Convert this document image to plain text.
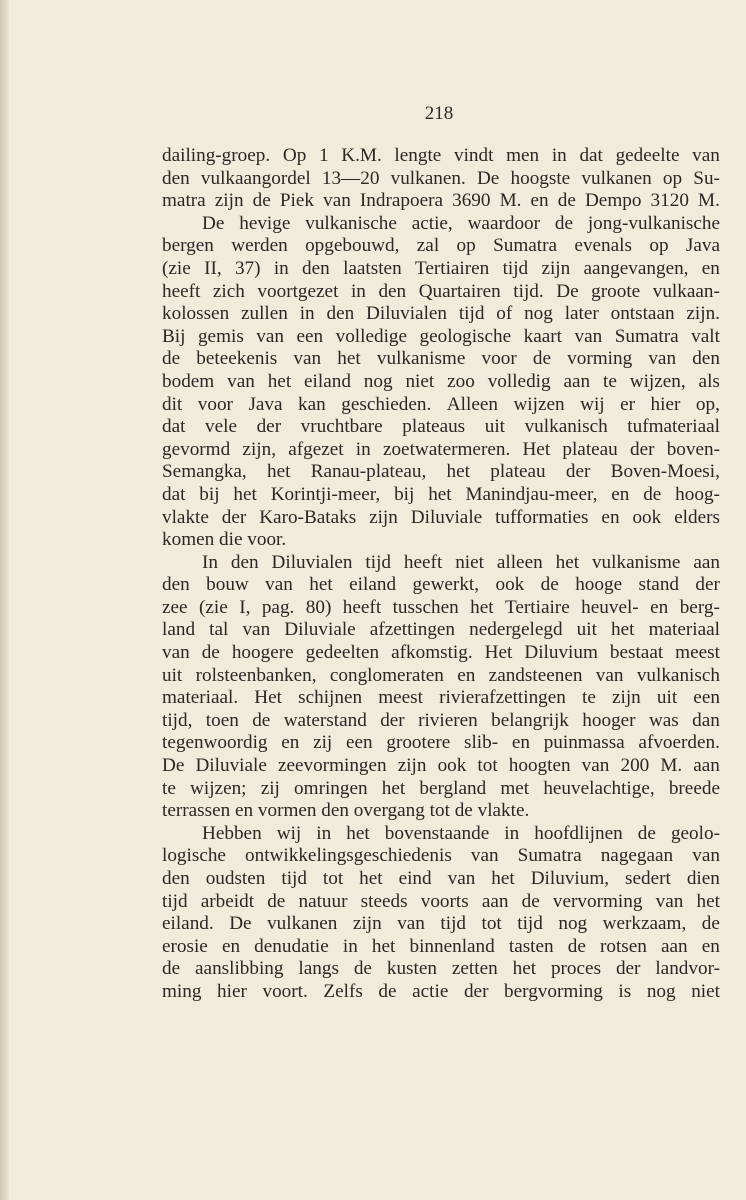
218
dailing-groep. Op 1 K.M. lengte vindt men in dat gedeelte van
den vulkaangordel 13—20 vulkanen. De hoogste vulkanen op Su-
matra zijn de Piek van Indrapoera 3690 M. en de Dempo 3120 M.
De hevige vulkanische actie, waardoor de jong-vulkanische
bergen werden opgebouwd, zal op Sumatra evenals op Java
(zie II, 37) in den laatsten Tertiairen tijd zijn aangevangen, en
heeft zich voortgezet in den Quartairen tijd. De groote vulkaan-
kolossen zullen in den Diluvialen tijd of nog later ontstaan zijn.
Bij gemis van een volledige geologische kaart van Sumatra valt
de beteekenis van het vulkanisme voor de vorming van den
bodem van het eiland nog niet zoo volledig aan te wijzen, als
dit voor Java kan geschieden. Alleen wijzen wij er hier op,
dat vele der vruchtbare plateaus uit vulkanisch tufmateriaal
gevormd zijn, afgezet in zoetwatermeren. Het plateau der boven-
Semangka, het Ranau-plateau, het plateau der Boven-Moesi,
dat bij het Korintji-meer, bij het Manindjau-meer, en de hoog-
vlakte der Karo-Bataks zijn Diluviale tufformaties en ook elders
komen die voor.
In den Diluvialen tijd heeft niet alleen het vulkanisme aan
den bouw van het eiland gewerkt, ook de hooge stand der
zee (zie I, pag. 80) heeft tusschen het Tertiaire heuvel- en berg-
land tal van Diluviale afzettingen nedergelegd uit het materiaal
van de hoogere gedeelten afkomstig. Het Diluvium bestaat meest
uit rolsteenbanken, conglomeraten en zandsteenen van vulkanisch
materiaal. Het schijnen meest rivierafzettingen te zijn uit een
tijd, toen de waterstand der rivieren belangrijk hooger was dan
tegenwoordig en zij een grootere slib- en puinmassa afvoerden.
De Diluviale zeevormingen zijn ook tot hoogten van 200 M. aan
te wijzen; zij omringen het bergland met heuvelachtige, breede
terrassen en vormen den overgang tot de vlakte.
Hebben wij in het bovenstaande in hoofdlijnen de geolo-
logische ontwikkelingsgeschiedenis van Sumatra nagegaan van
den oudsten tijd tot het eind van het Diluvium, sedert dien
tijd arbeidt de natuur steeds voorts aan de vervorming van het
eiland. De vulkanen zijn van tijd tot tijd nog werkzaam, de
erosie en denudatie in het binnenland tasten de rotsen aan en
de aanslibbing langs de kusten zetten het proces der landvor-
ming hier voort. Zelfs de actie der bergvorming is nog niet
